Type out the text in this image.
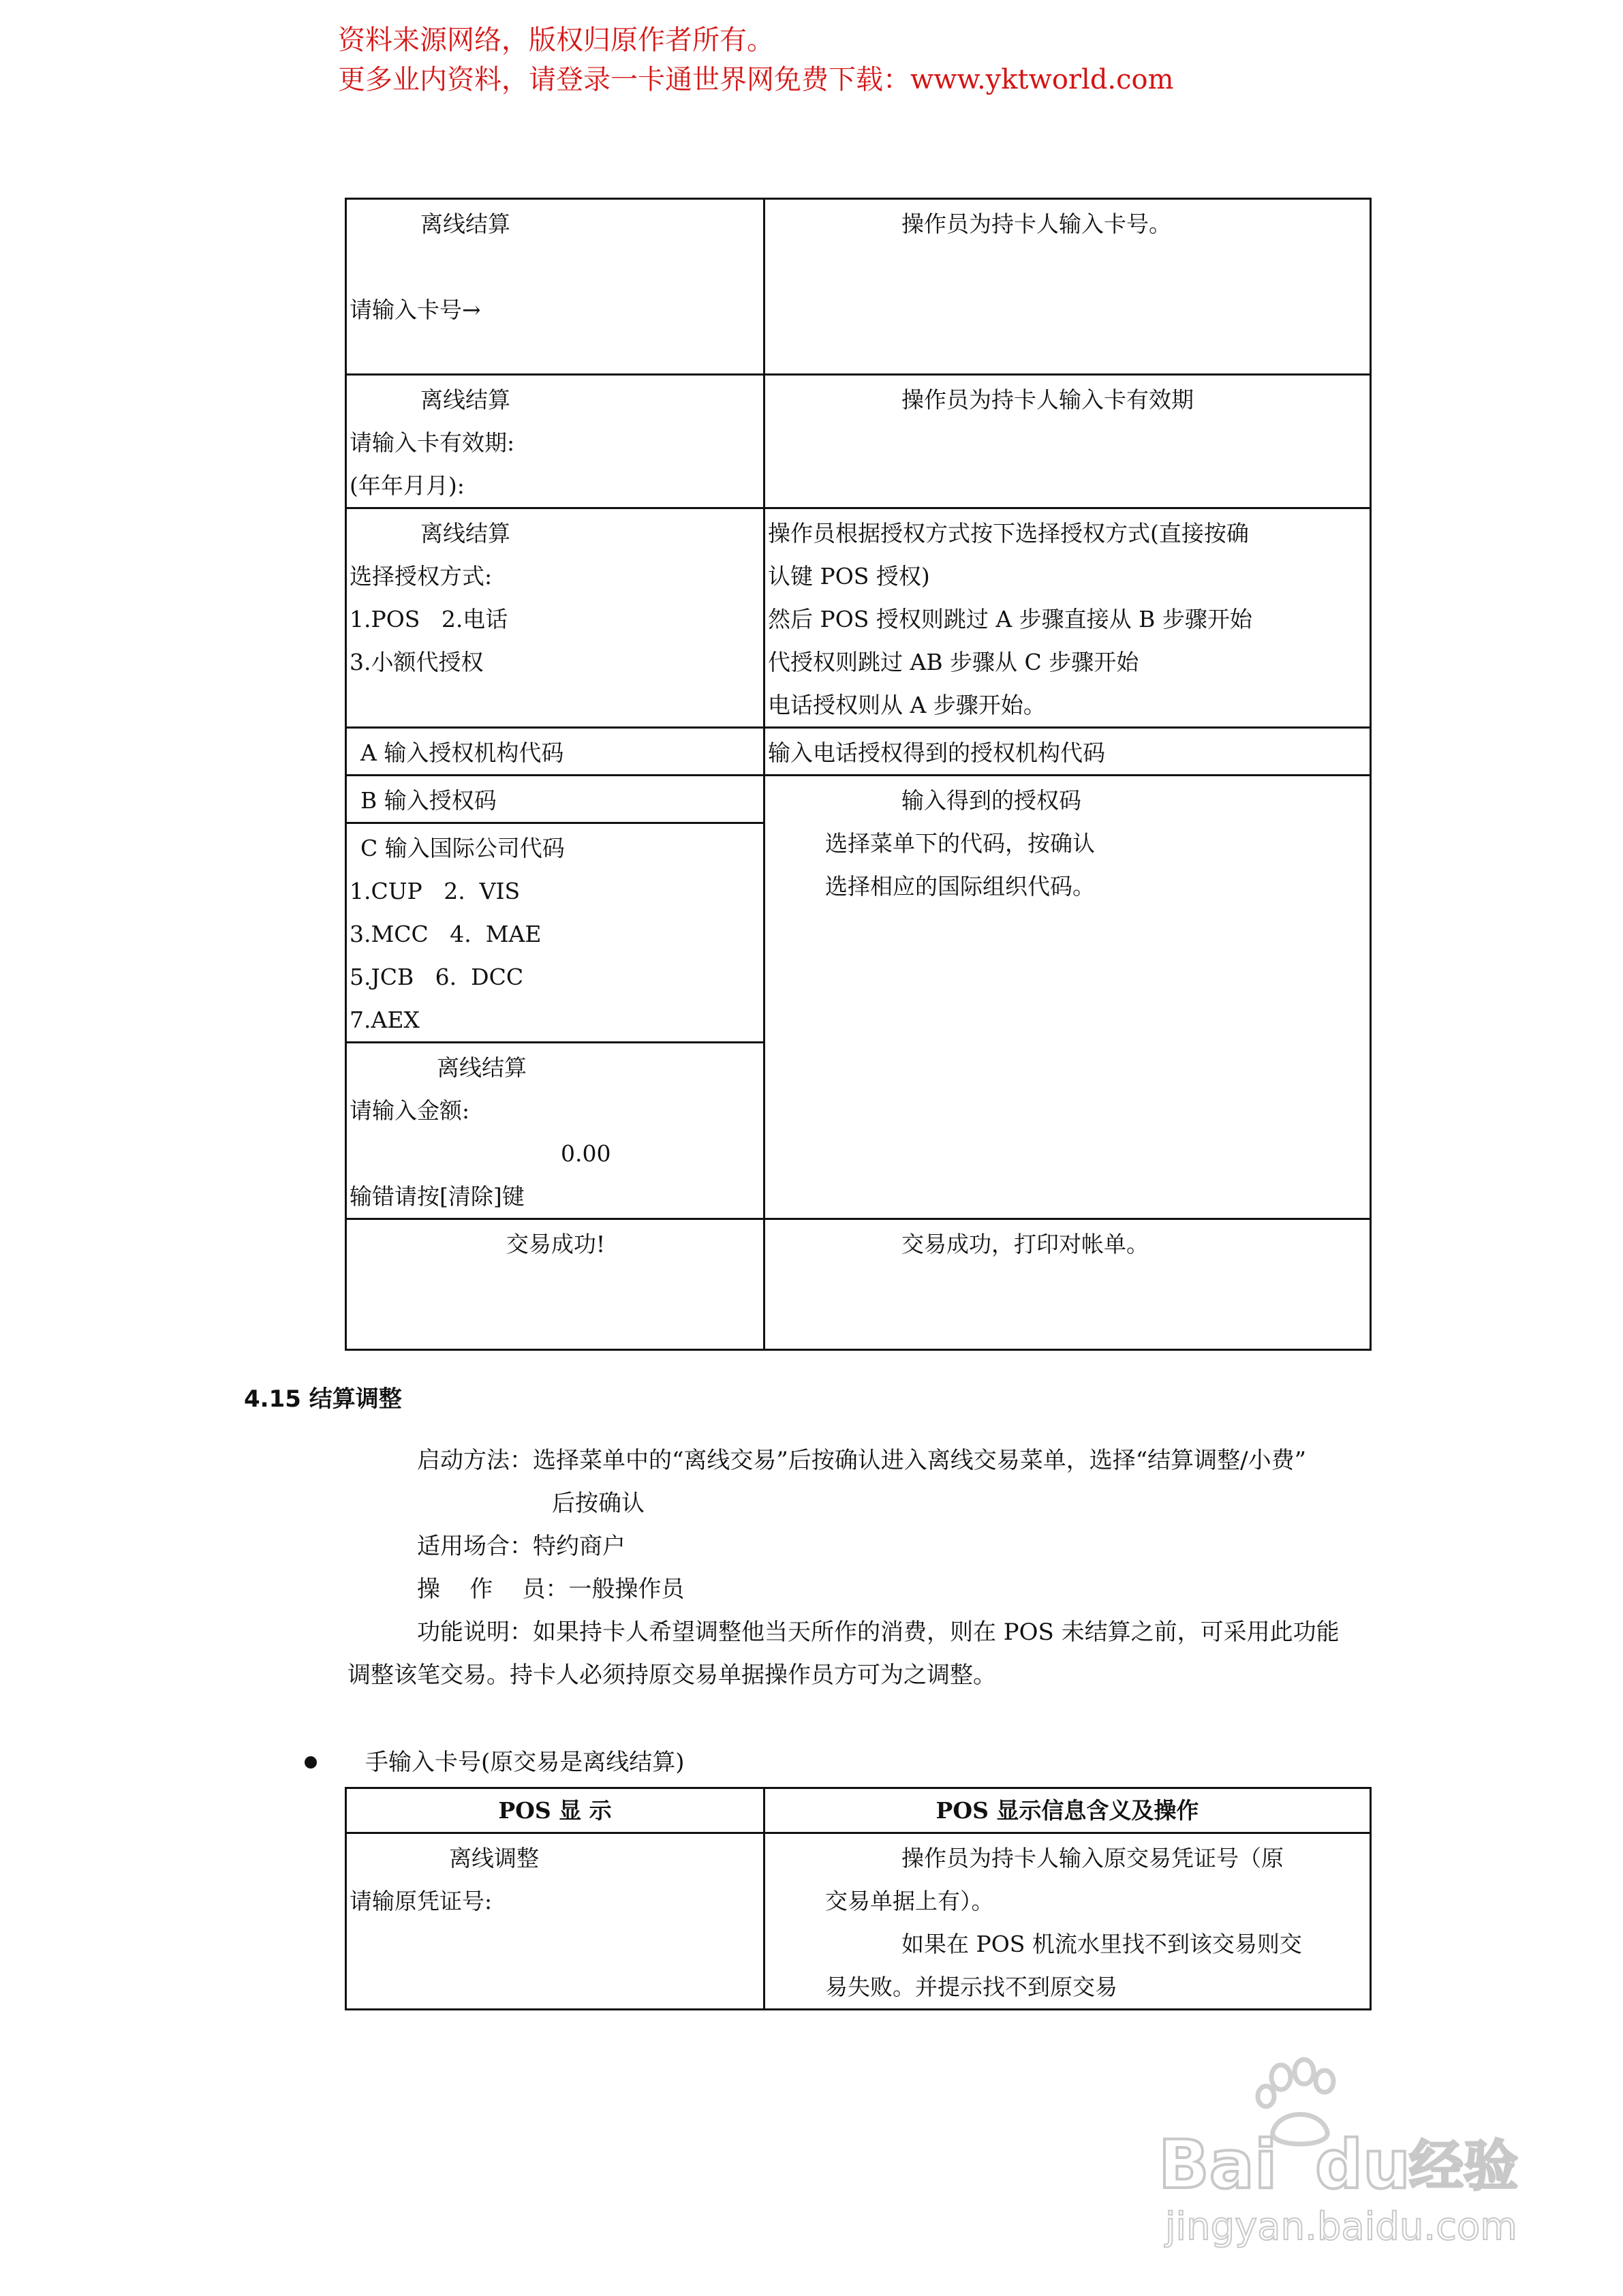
资料来源网络，版权归原作者所有。
更多业内资料，请登录一卡通世界网免费下载：www.yktworld.com
离线结算
请输入卡号→	操作员为持卡人输入卡号。

离线结算
请输入卡有效期:
(年年月月):	操作员为持卡人输入卡有效期

离线结算
选择授权方式:
1.POS   2.电话
3.小额代授权	操作员根据授权方式按下选择授权方式(直接按确
认键 POS 授权)
然后 POS 授权则跳过 A 步骤直接从 B 步骤开始
代授权则跳过 AB 步骤从 C 步骤开始
电话授权则从 A 步骤开始。

A 输入授权机构代码	输入电话授权得到的授权机构代码

B 输入授权码	输入得到的授权码
选择菜单下的代码，按确认
选择相应的国际组织代码。

C 输入国际公司代码
1.CUP   2.  VIS
3.MCC   4.  MAE
5.JCB   6.  DCC
7.AEX	

离线结算
请输入金额:
0.00
输错请按[清除]键	

交易成功!	交易成功，打印对帐单。
4.15 结算调整
启动方法：选择菜单中的“离线交易”后按确认进入离线交易菜单，选择“结算调整/小费”
后按确认
适用场合：特约商户
操    作    员：一般操作员
功能说明：如果持卡人希望调整他当天所作的消费，则在 POS 未结算之前，可采用此功能
调整该笔交易。持卡人必须持原交易单据操作员方可为之调整。
手输入卡号(原交易是离线结算)
POS 显 示	POS 显示信息含义及操作

离线调整
请输原凭证号:	操作员为持卡人输入原交易凭证号（原
交易单据上有）。
如果在 POS 机流水里找不到该交易则交
易失败。并提示找不到原交易
Bai du
经验
jingyan.baidu.com
